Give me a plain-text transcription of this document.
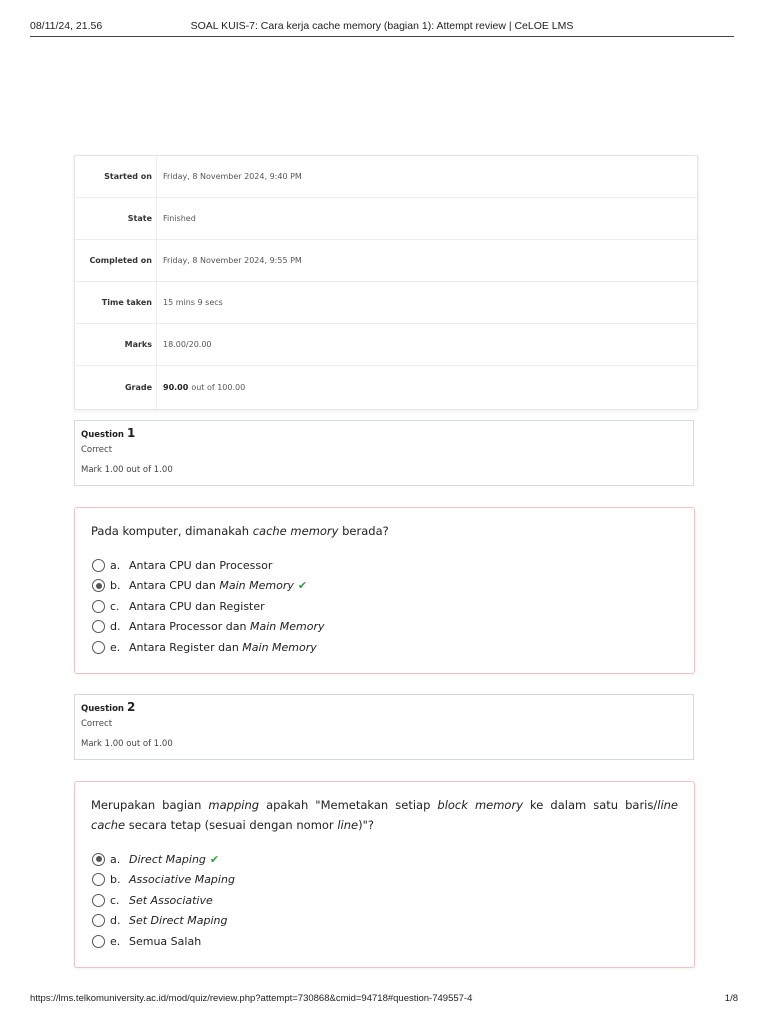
08/11/24, 21.56	SOAL KUIS-7: Cara kerja cache memory (bagian 1): Attempt review | CeLOE LMS
Started on	Friday, 8 November 2024, 9:40 PM
State	Finished
Completed on	Friday, 8 November 2024, 9:55 PM
Time taken	15 mins 9 secs
Marks	18.00/20.00
Grade	90.00 out of 100.00
Question 1
Correct
Mark 1.00 out of 1.00
Pada komputer, dimanakah cache memory berada?
a. Antara CPU dan Processor
b. Antara CPU dan
Main Memory ✔
c. Antara CPU dan Register
d. Antara Processor dan
Main Memory
e. Antara Register dan
Main Memory
Question 2
Correct
Mark 1.00 out of 1.00
Merupakan bagian mapping apakah "Memetakan setiap block memory ke dalam satu baris/line cache secara tetap (sesuai dengan nomor line)"?
a. Direct Maping ✔
b. Associative Maping
c. Set Associative
d. Set Direct Maping
e. Semua Salah
https://lms.telkomuniversity.ac.id/mod/quiz/review.php?attempt=730868&cmid=94718#question-749557-4	1/8
